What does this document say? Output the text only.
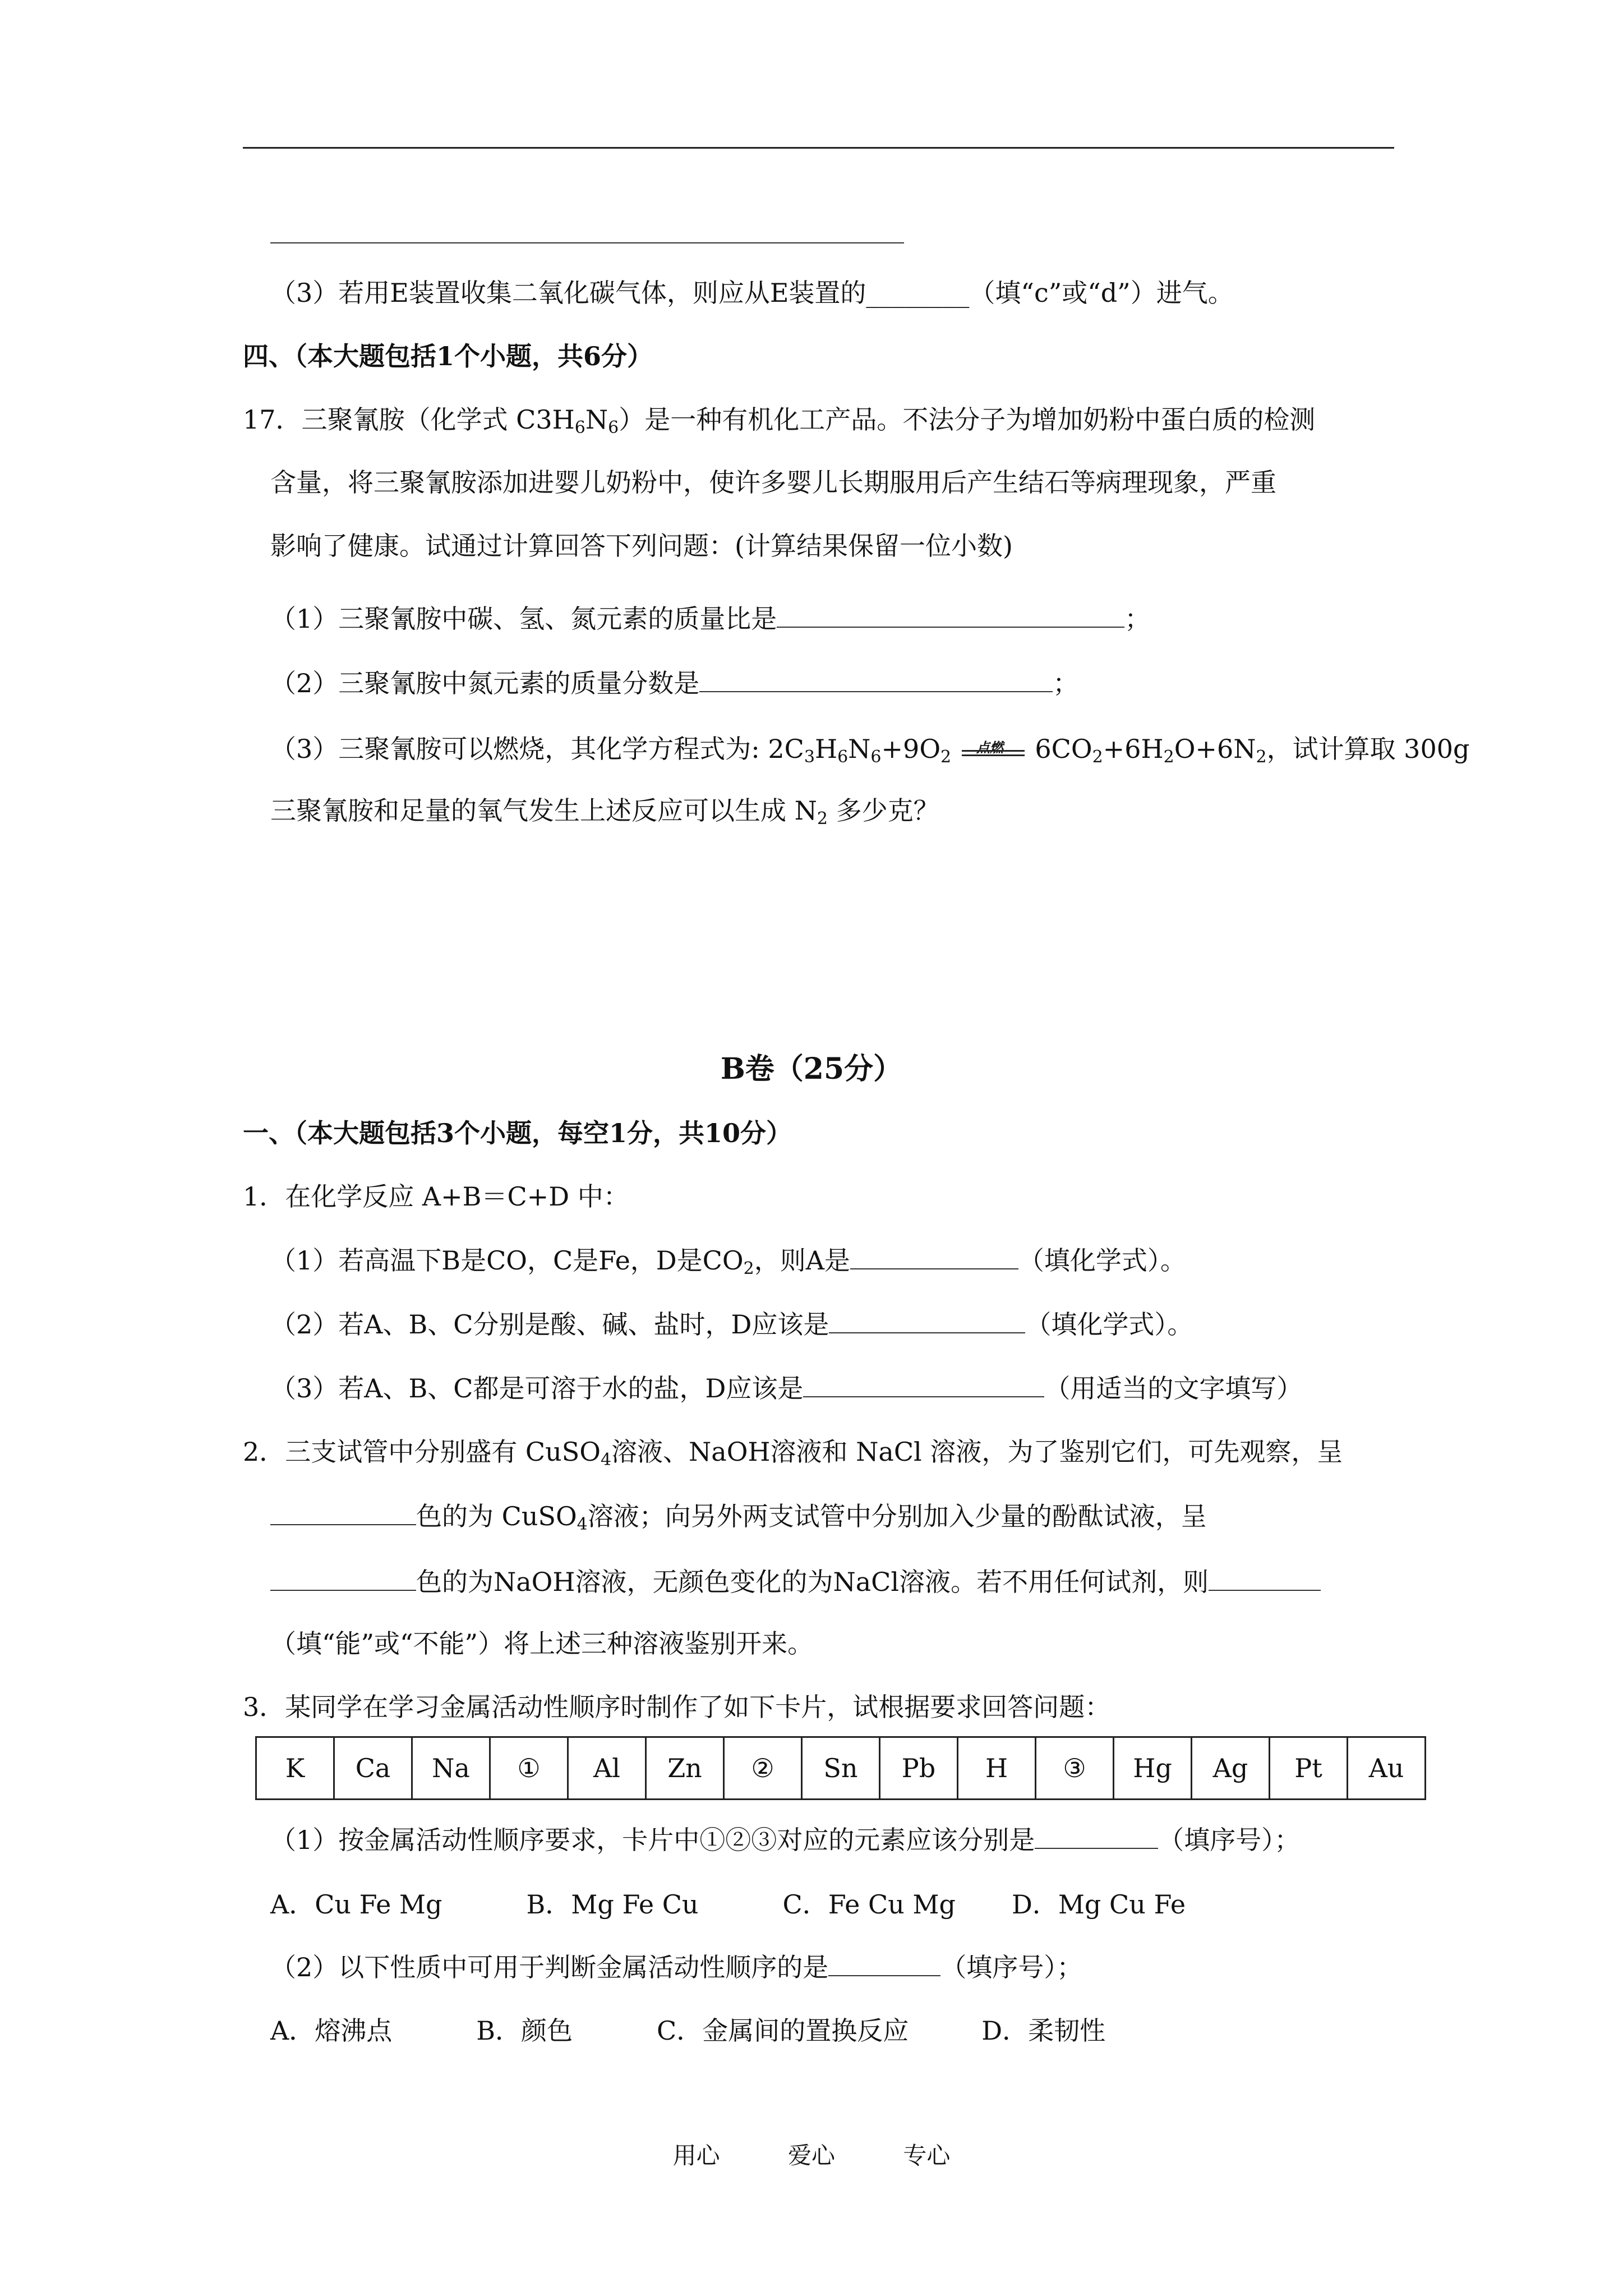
（3）若用E装置收集二氧化碳气体，则应从E装置的________（填“c”或“d”）进气。
四、（本大题包括1个小题，共6分）
17．三聚氰胺（化学式 $C3H_6N_6$）是一种有机化工产品。不法分子为增加奶粉中蛋白质的检测
含量，将三聚氰胺添加进婴儿奶粉中，使许多婴儿长期服用后产生结石等病理现象，严重
影响了健康。试通过计算回答下列问题：(计算结果保留一位小数)
（1）三聚氰胺中碳、氢、氮元素的质量比是	；
（2）三聚氰胺中氮元素的质量分数是	；
（3）三聚氰胺可以燃烧，其化学方程式为: $2C_3H_6N_6+9O_2$ 点燃 $6CO_2+6H_2O+6N_2$，试计算取 300g
三聚氰胺和足量的氧气发生上述反应可以生成 $N_2$ 多少克？
B卷（25分）
一、（本大题包括3个小题，每空1分，共10分）
1．在化学反应 A+B＝C+D 中：
（1）若高温下B是CO，C是Fe，D是$CO_2$，则A是	（填化学式）。
（2）若A、B、C分别是酸、碱、盐时，D应该是	（填化学式）。
（3）若A、B、C都是可溶于水的盐，D应该是	（用适当的文字填写）
2．三支试管中分别盛有 CuSO$_4$溶液、NaOH溶液和 NaCl 溶液，为了鉴别它们，可先观察，呈
色的为 CuSO$_4$溶液；向另外两支试管中分别加入少量的酚酞试液，呈
色的为NaOH溶液，无颜色变化的为NaCl溶液。若不用任何试剂，则
（填“能”或“不能”）将上述三种溶液鉴别开来。
3．某同学在学习金属活动性顺序时制作了如下卡片，试根据要求回答问题：
K	Ca	Na	①	Al	Zn	②	Sn	Pb	H	③	Hg	Ag	Pt	Au
（1）按金属活动性顺序要求，卡片中①②③对应的元素应该分别是	（填序号）；
A．Cu Fe Mg	B．Mg Fe Cu	C．Fe Cu Mg D．Mg Cu Fe
（2）以下性质中可用于判断金属活动性顺序的是	（填序号）；
A．熔沸点	B．颜色	C．金属间的置换反应	D．柔韧性
用心	爱心	专心
